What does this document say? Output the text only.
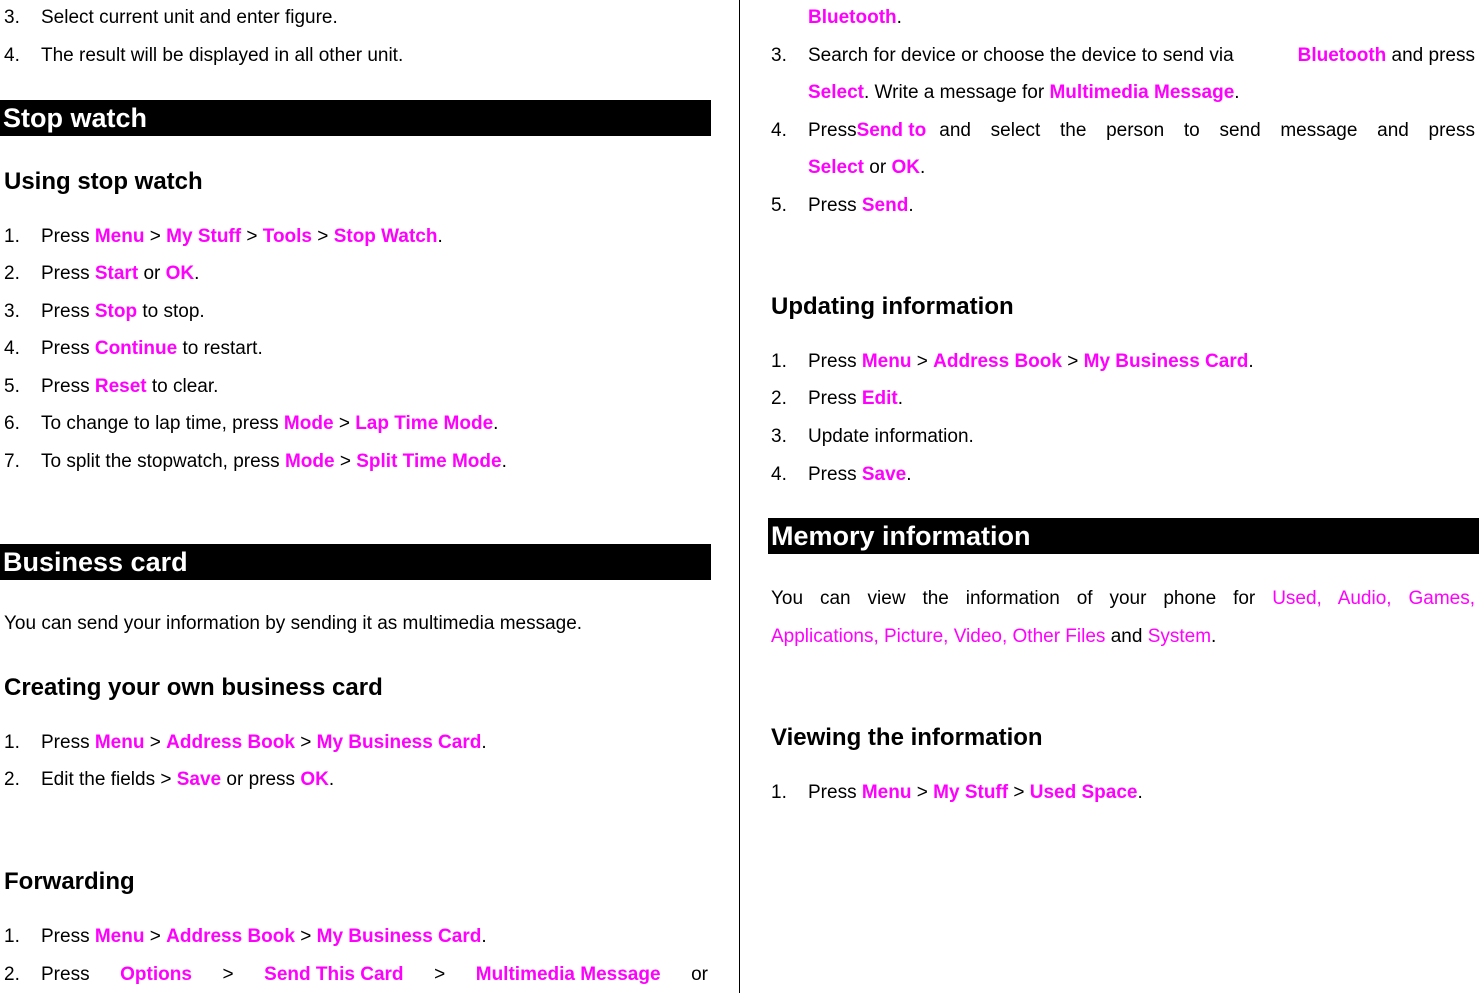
3. Select current unit and enter figure.
4. The result will be displayed in all other unit.
Stop watch
Using stop watch
1. Press Menu > My Stuff > Tools > Stop Watch.
2. Press Start or OK.
3. Press Stop to stop.
4. Press Continue to restart.
5. Press Reset to clear.
6. To change to lap time, press Mode > Lap Time Mode.
7. To split the stopwatch, press Mode > Split Time Mode.
Business card
You can send your information by sending it as multimedia message.
Creating your own business card
1. Press Menu > Address Book > My Business Card.
2. Edit the fields > Save or press OK.
Forwarding
1. Press Menu > Address Book > My Business Card.
2. Press Options > Send This Card > Multimedia Message or
Bluetooth.
3. Search for device or choose the device to send via	Bluetooth and press
Select. Write a message for Multimedia Message.
4. Press Send to and select the person to send message and press
Select or OK.
5. Press Send.
Updating information
1. Press Menu > Address Book > My Business Card.
2. Press Edit.
3. Update information.
4. Press Save.
Memory information
You can view the information of your phone for Used, Audio, Games,
Applications, Picture, Video, Other Files and System.
Viewing the information
1. Press Menu > My Stuff > Used Space.
